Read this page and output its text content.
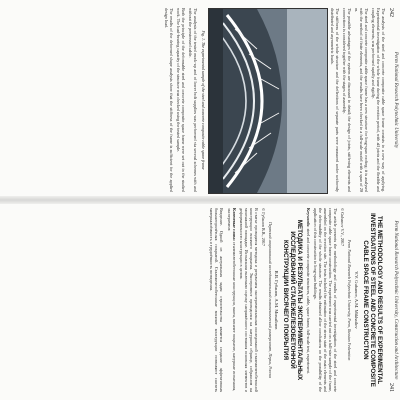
Perm National Research Polytechnic University
242

The analysis of the steel and concrete composite cable space frame consists in a new way of applying. Experimental investigation of the whole frame during the erection period, with all joints and the flexible and coupling elements, was performed rapidly and rigidly.

The steel and concrete composite cable space frame has a new structure for long-span roofing; it is analysed with the method of finite elements, and the results have been checked in a full-scale model with a span of 20 m.

The possible advantages of the system are discussed in detail; the design of joints, stiffening elements and connections is considered together with the stages of assembly.

The stiffness of the whole structure and the deflections of separate parts were measured under uniformly distributed and asymmetric loads.

Fig. 1. The experimental sample of the steel and concrete composite cable space frame

The analysis of the tested mock-up and of lower bolt supplies was performed via several schemes with and without the prestressed cable.

Both the principle of the deformable steel and concrete composite space frame were set out in the studied work. The load-bearing capacity of the structure was checked using the tested sample.

The results of the deformed shape analysis show that the stiffness of the frame is sufficient for the applied design load.

Perm National Research Polytechnic University, Construction and Architecture
241
THE METHODOLOGY AND RESULTS OF EXPERIMENTAL INVESTIGATIONS OF STEEL AND CONCRETE COMPOSITE CABLE SPACE FRAME CONSTRUCTION
V.V. Gubanov, A.M. Mikhailov
Perm National Research Polytechnic University, Perm, Russian Federation
© Gubanov V.V., 2017

The article presents the methodology and results of experimental investigations of the steel and concrete composite cable space frame construction. The experiment was carried out on a full-size sample of the frame, assembled on the erection site. The tests included the estimation of the stress state of the main elements and the deformability of the whole structure. The results obtained allow conclusions on the possibility of the application of this construction in long-span buildings.

Keywords: steel and concrete composite structures, cable, space frame, full-scale test, experiment.

МЕТОДИКА И РЕЗУЛЬТАТЫ ЭКСПЕРИМЕНТАЛЬНЫХ ИССЛЕДОВАНИЙ СТАЛЕЖЕЛЕЗОБЕТОННОЙ КОНСТРУКЦИИ ВИСЯЧЕГО ПОКРЫТИЯ
В.В. Губанов, А.М. Михайлов
Пермский национальный исследовательский политехнический университет, Пермь, Россия
© Губанов В.В., 2017

В статье приводятся методика и результаты экспериментальных исследований сталежелезобетонной конструкции висячего покрытия. Эксперимент проводился на натурном образце, собранном на монтажной площадке. Испытания включали оценку напряжённого состояния основных элементов и деформативности конструкции в целом.

Ключевые слова: сталежелезобетонные конструкции, ванта, висячее покрытие, натурные испытания, эксперимент.

Введение. Одной из актуальных задач строительства является создание эффективных большепролётных покрытий. Сталежелезобетонные висячие конструкции позволяют снизить материалоёмкость и трудоёмкость возведения.
